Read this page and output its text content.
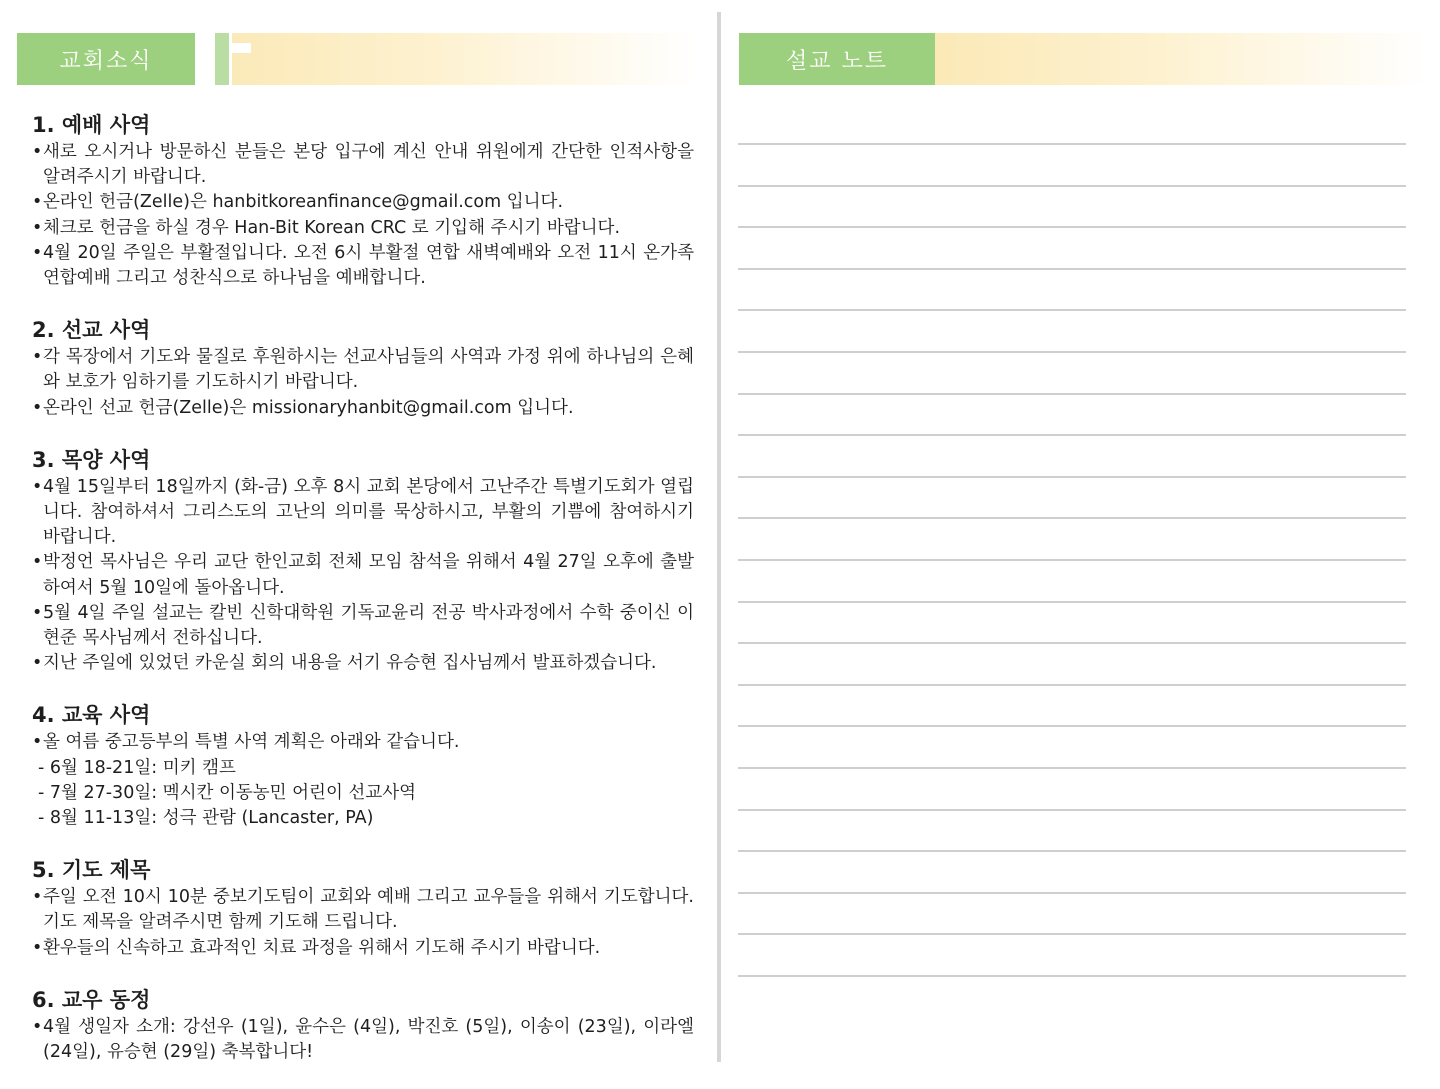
교회소식
1. 예배 사역
• 새로 오시거나 방문하신 분들은 본당 입구에 계신 안내 위원에게 간단한 인적사항을 알려주시기 바랍니다.
• 온라인 헌금(Zelle)은 hanbitkoreanfinance@gmail.com 입니다.
• 체크로 헌금을 하실 경우 Han-Bit Korean CRC 로 기입해 주시기 바랍니다.
• 4월 20일 주일은 부활절입니다. 오전 6시 부활절 연합 새벽예배와 오전 11시 온가족 연합예배 그리고 성찬식으로 하나님을 예배합니다.
2. 선교 사역
• 각 목장에서 기도와 물질로 후원하시는 선교사님들의 사역과 가정 위에 하나님의 은혜와 보호가 임하기를 기도하시기 바랍니다.
• 온라인 선교 헌금(Zelle)은 missionaryhanbit@gmail.com 입니다.
3. 목양 사역
• 4월 15일부터 18일까지 (화-금) 오후 8시 교회 본당에서 고난주간 특별기도회가 열립니다. 참여하셔서 그리스도의 고난의 의미를 묵상하시고, 부활의 기쁨에 참여하시기 바랍니다.
• 박정언 목사님은 우리 교단 한인교회 전체 모임 참석을 위해서 4월 27일 오후에 출발하여서 5월 10일에 돌아옵니다.
• 5월 4일 주일 설교는 칼빈 신학대학원 기독교윤리 전공 박사과정에서 수학 중이신 이현준 목사님께서 전하십니다.
• 지난 주일에 있었던 카운실 회의 내용을 서기 유승현 집사님께서 발표하겠습니다.
4. 교육 사역
• 올 여름 중고등부의 특별 사역 계획은 아래와 같습니다.
- 6월 18-21일: 미키 캠프
- 7월 27-30일: 멕시칸 이동농민 어린이 선교사역
- 8월 11-13일: 성극 관람 (Lancaster, PA)
5. 기도 제목
• 주일 오전 10시 10분 중보기도팀이 교회와 예배 그리고 교우들을 위해서 기도합니다. 기도 제목을 알려주시면 함께 기도해 드립니다.
• 환우들의 신속하고 효과적인 치료 과정을 위해서 기도해 주시기 바랍니다.
6. 교우 동정
• 4월 생일자 소개: 강선우 (1일), 윤수은 (4일), 박진호 (5일), 이송이 (23일), 이라엘 (24일), 유승현 (29일) 축복합니다!
설교 노트
